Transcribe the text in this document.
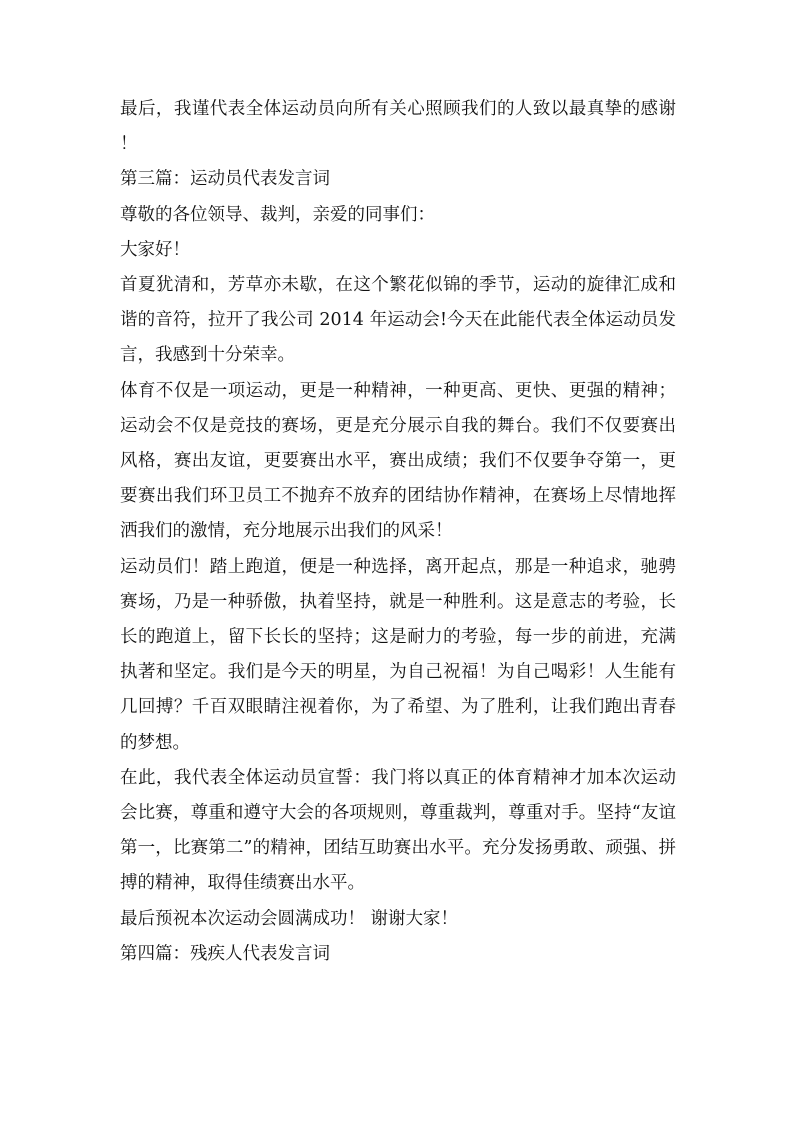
最后，我谨代表全体运动员向所有关心照顾我们的人致以最真挚的感谢！

第三篇：运动员代表发言词

尊敬的各位领导、裁判，亲爱的同事们：

大家好！

首夏犹清和，芳草亦未歇，在这个繁花似锦的季节，运动的旋律汇成和谐的音符，拉开了我公司 2014 年运动会!今天在此能代表全体运动员发言，我感到十分荣幸。

体育不仅是一项运动，更是一种精神，一种更高、更快、更强的精神；运动会不仅是竞技的赛场，更是充分展示自我的舞台。我们不仅要赛出风格，赛出友谊，更要赛出水平，赛出成绩；我们不仅要争夺第一，更要赛出我们环卫员工不抛弃不放弃的团结协作精神，在赛场上尽情地挥洒我们的激情，充分地展示出我们的风采！

运动员们！踏上跑道，便是一种选择，离开起点，那是一种追求，驰骋赛场，乃是一种骄傲，执着坚持，就是一种胜利。这是意志的考验，长长的跑道上，留下长长的坚持；这是耐力的考验，每一步的前进，充满执著和坚定。我们是今天的明星，为自己祝福！为自己喝彩！人生能有几回搏？千百双眼睛注视着你，为了希望、为了胜利，让我们跑出青春的梦想。

在此，我代表全体运动员宣誓：我门将以真正的体育精神才加本次运动会比赛，尊重和遵守大会的各项规则，尊重裁判，尊重对手。坚持“友谊第一，比赛第二”的精神，团结互助赛出水平。充分发扬勇敢、顽强、拼搏的精神，取得佳绩赛出水平。

最后预祝本次运动会圆满成功！ 谢谢大家！

第四篇：残疾人代表发言词
